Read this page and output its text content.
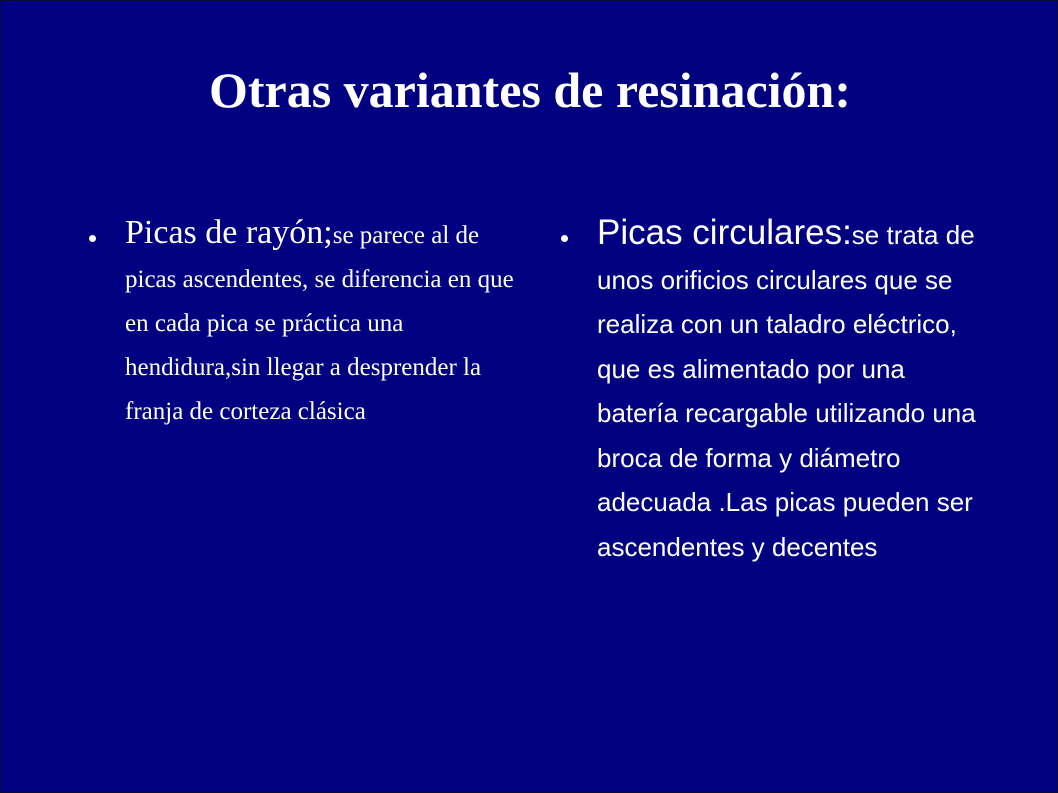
Otras variantes de resinación:

Picas de rayón;se parece al de picas ascendentes, se diferencia en que en cada pica se práctica una hendidura,sin llegar a desprender la franja de corteza clásica

Picas circulares:se trata de unos orificios circulares que se realiza con un taladro eléctrico, que es alimentado por una batería recargable utilizando una broca de forma y diámetro adecuada .Las picas pueden ser ascendentes y decentes
